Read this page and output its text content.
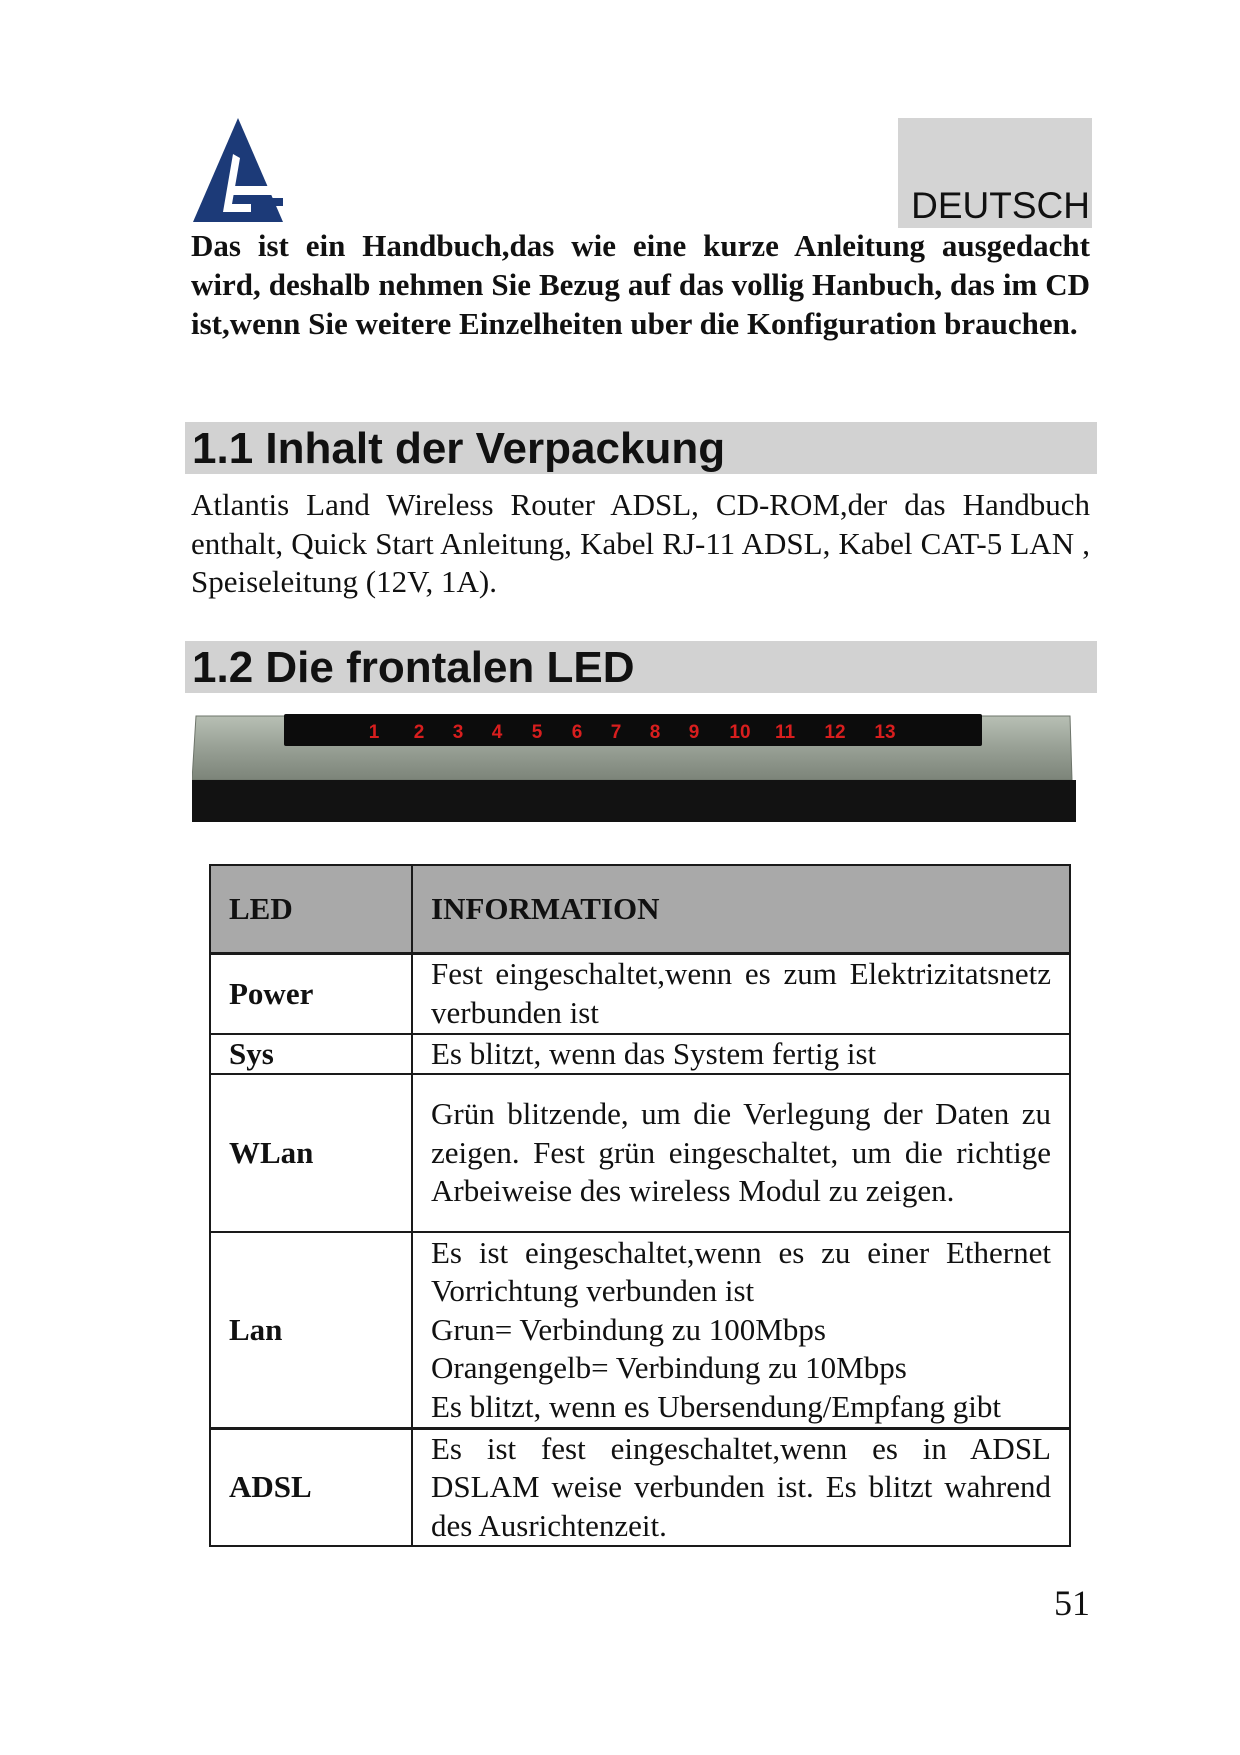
DEUTSCH
Das ist ein Handbuch,das wie eine kurze Anleitung ausgedacht wird, deshalb nehmen Sie Bezug auf das vollig Hanbuch, das im CD ist,wenn Sie weitere Einzelheiten uber die Konfiguration brauchen.
1.1 Inhalt der Verpackung
Atlantis Land Wireless Router ADSL, CD-ROM,der das Handbuch enthalt, Quick Start Anleitung, Kabel RJ-11 ADSL, Kabel CAT-5 LAN , Speiseleitung (12V, 1A).
1.2 Die frontalen LED
1 2 3 4 5 6 7 8 9 10 11 12 13
LED	INFORMATION
Power	Fest eingeschaltet,wenn es zum Elektrizitatsnetz verbunden ist

Sys	Es blitzt, wenn das System fertig ist

WLan	Grün blitzende, um die Verlegung der Daten zu zeigen. Fest grün eingeschaltet, um die richtige Arbeiweise des wireless Modul zu zeigen.

Lan	Es ist eingeschaltet,wenn es zu einer Ethernet Vorrichtung verbunden ist
Grun= Verbindung zu 100Mbps
Orangengelb= Verbindung zu 10Mbps
Es blitzt, wenn es Ubersendung/Empfang gibt

ADSL	Es ist fest eingeschaltet,wenn es in ADSL DSLAM weise verbunden ist. Es blitzt wahrend des Ausrichtenzeit.
51
